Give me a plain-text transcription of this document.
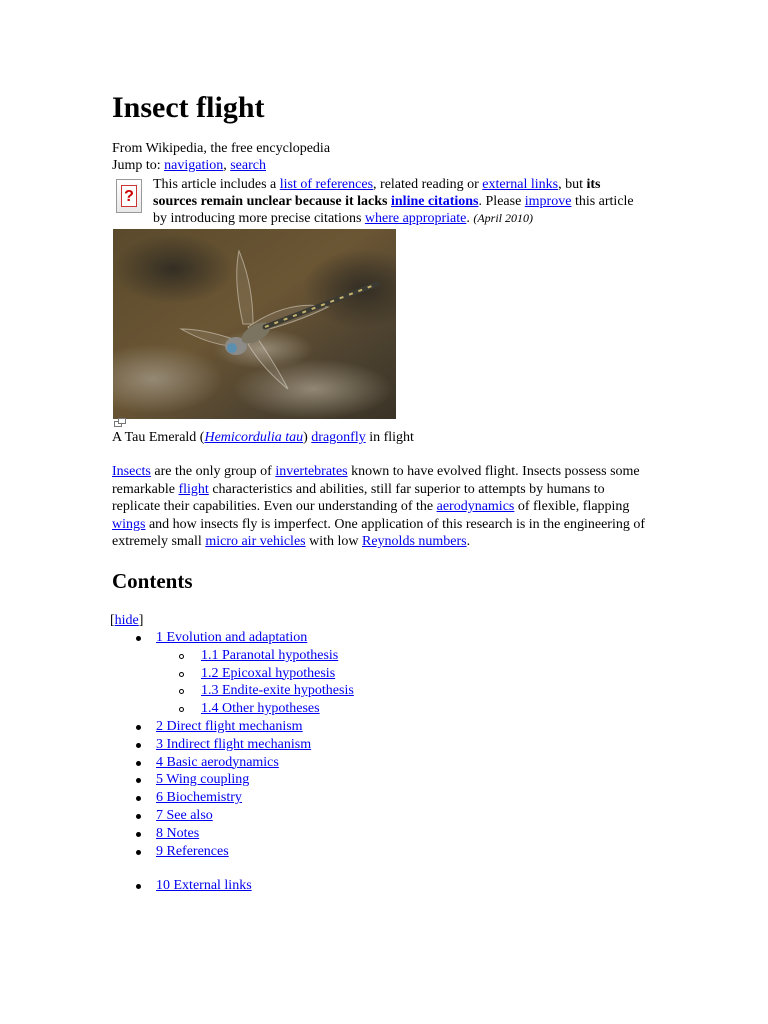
Insect flight
From Wikipedia, the free encyclopedia
Jump to: navigation, search
?
This article includes a list of references, related reading or external links, but its sources remain unclear because it lacks inline citations. Please improve this article by introducing more precise citations where appropriate. (April 2010)
A Tau Emerald (Hemicordulia tau) dragonfly in flight
Insects are the only group of invertebrates known to have evolved flight. Insects possess some remarkable flight characteristics and abilities, still far superior to attempts by humans to replicate their capabilities. Even our understanding of the aerodynamics of flexible, flapping wings and how insects fly is imperfect. One application of this research is in the engineering of extremely small micro air vehicles with low Reynolds numbers.
Contents
[hide]
1 Evolution and adaptation
1.1 Paranotal hypothesis
1.2 Epicoxal hypothesis
1.3 Endite-exite hypothesis
1.4 Other hypotheses
2 Direct flight mechanism
3 Indirect flight mechanism
4 Basic aerodynamics
5 Wing coupling
6 Biochemistry
7 See also
8 Notes
9 References
10 External links
